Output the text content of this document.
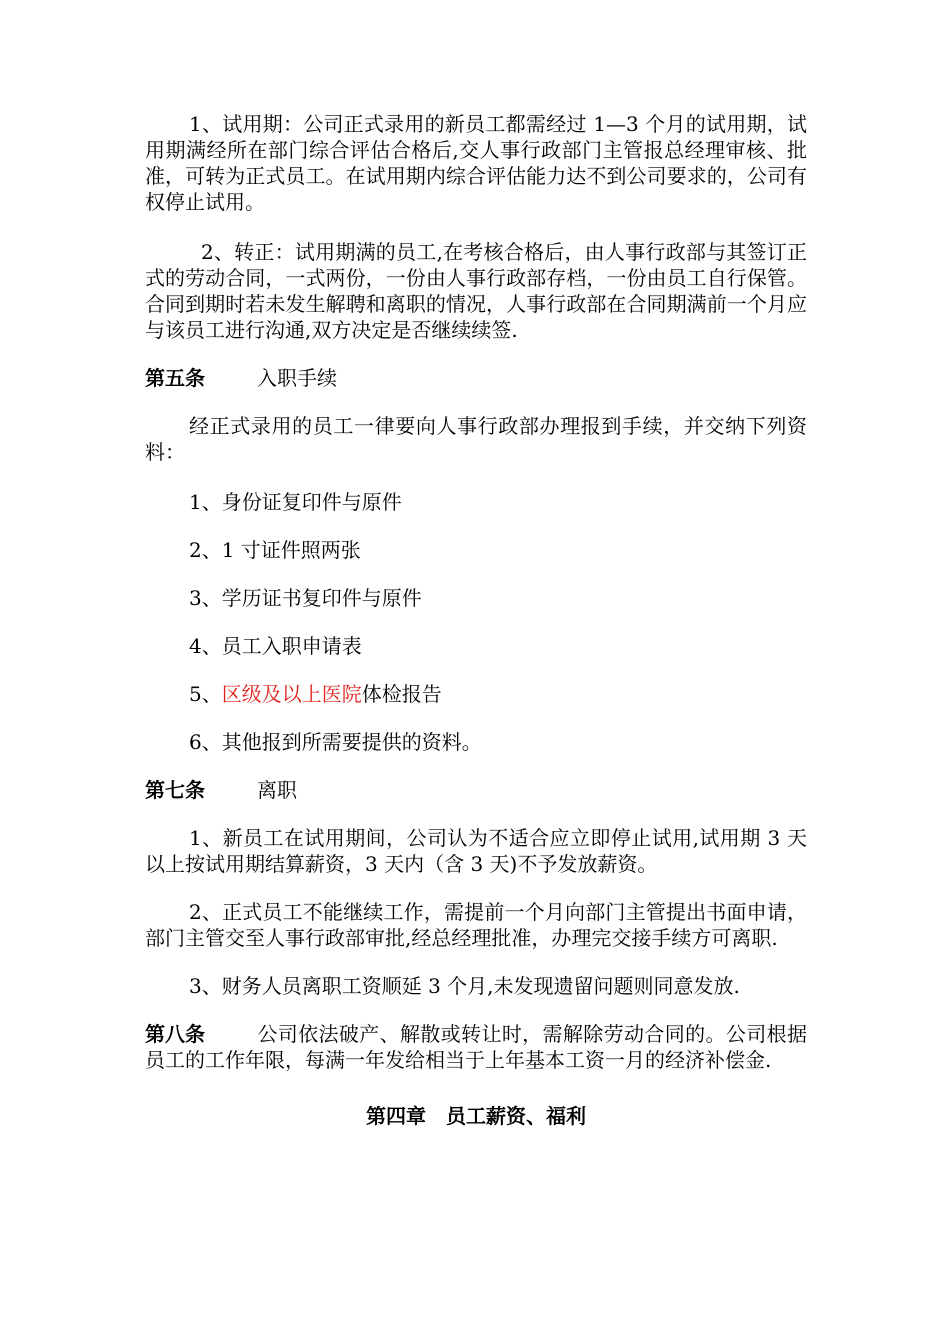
1、试用期：公司正式录用的新员工都需经过 1—3 个月的试用期，试用期满经所在部门综合评估合格后,交人事行政部门主管报总经理审核、批准，可转为正式员工。在试用期内综合评估能力达不到公司要求的，公司有权停止试用。

2、转正：试用期满的员工,在考核合格后，由人事行政部与其签订正式的劳动合同，一式两份，一份由人事行政部存档，一份由员工自行保管。合同到期时若未发生解聘和离职的情况，人事行政部在合同期满前一个月应与该员工进行沟通,双方决定是否继续续签.

第五条	入职手续

经正式录用的员工一律要向人事行政部办理报到手续，并交纳下列资料：

1、身份证复印件与原件

2、1 寸证件照两张

3、学历证书复印件与原件

4、员工入职申请表

5、区级及以上医院体检报告

6、其他报到所需要提供的资料。

第七条	离职

1、新员工在试用期间，公司认为不适合应立即停止试用,试用期 3 天以上按试用期结算薪资，3 天内（含 3 天)不予发放薪资。

2、正式员工不能继续工作，需提前一个月向部门主管提出书面申请，部门主管交至人事行政部审批,经总经理批准，办理完交接手续方可离职.

3、财务人员离职工资顺延 3 个月,未发现遗留问题则同意发放.

第八条	公司依法破产、解散或转让时，需解除劳动合同的。公司根据员工的工作年限，每满一年发给相当于上年基本工资一月的经济补偿金.

第四章　员工薪资、福利
